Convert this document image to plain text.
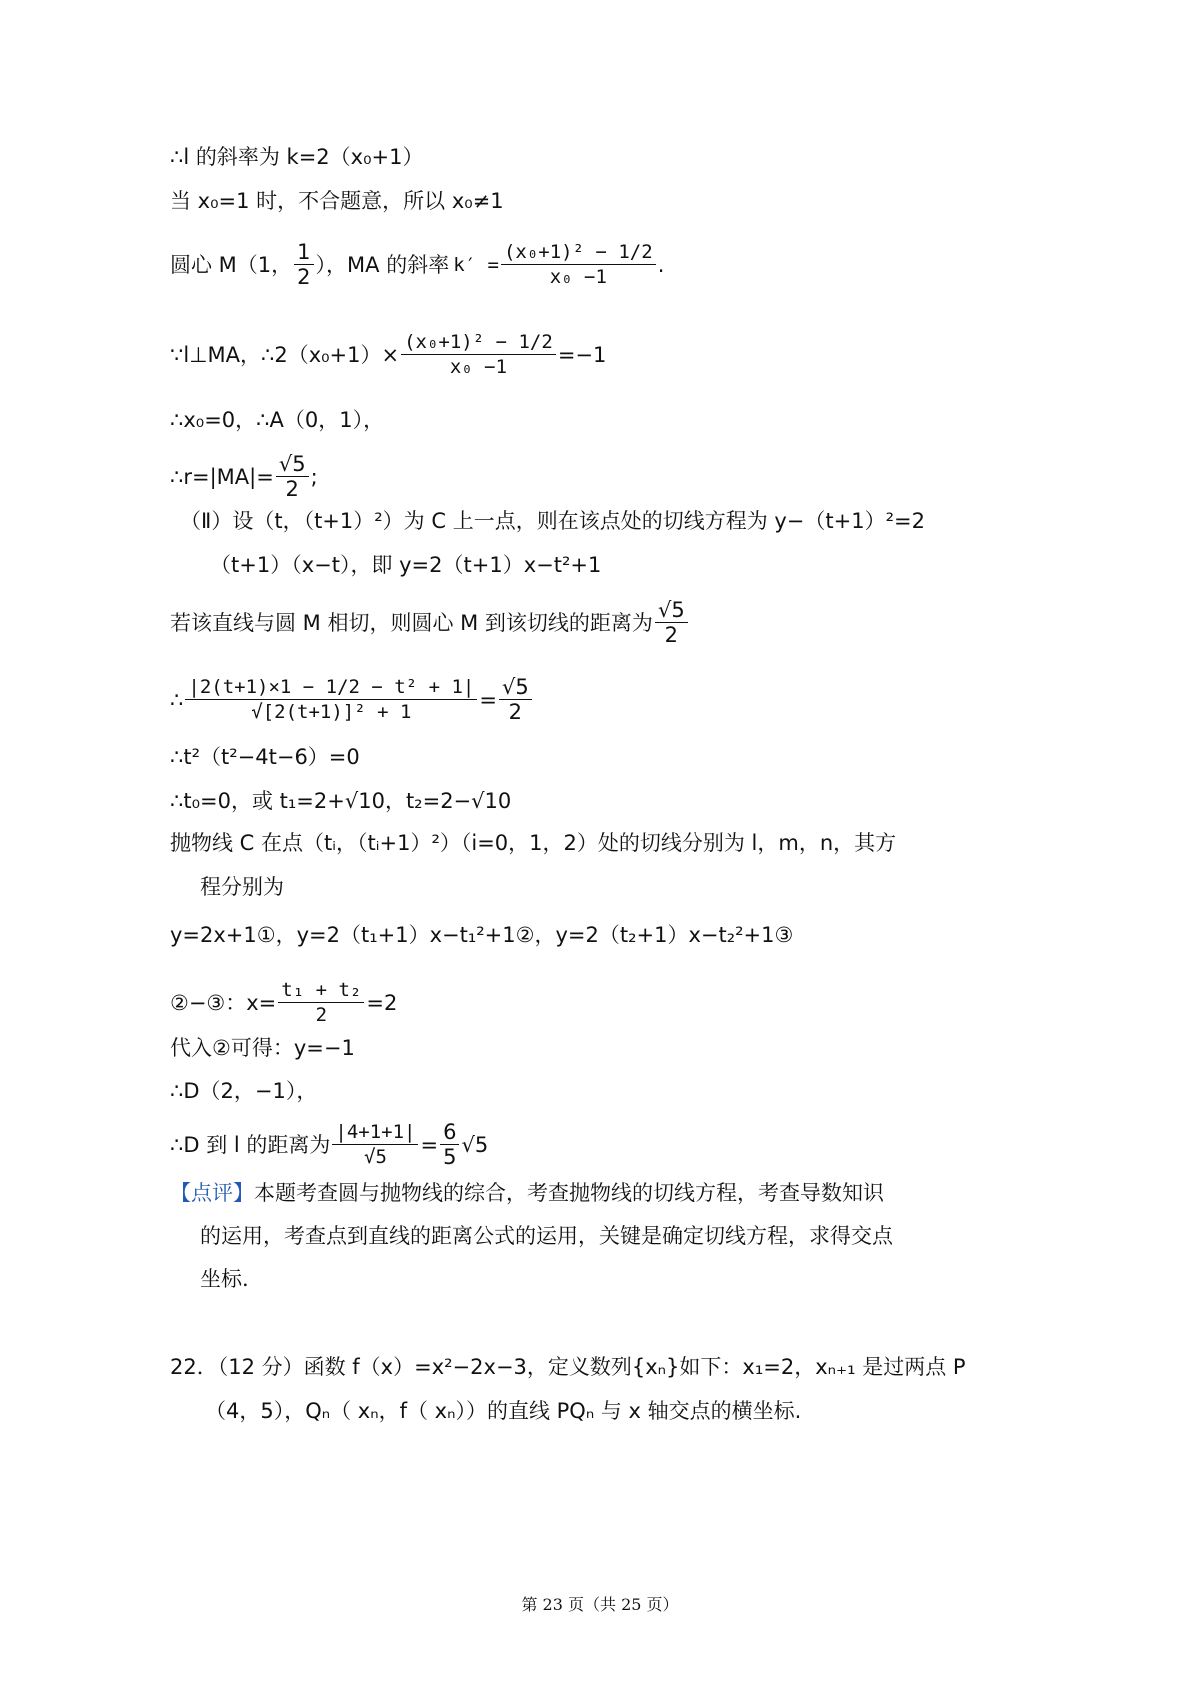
∴l 的斜率为 k=2（x₀+1）

当 x₀=1 时，不合题意，所以 x₀≠1

圆心 M（1， $\frac{1}{2}$ ），MA 的斜率 $k' = \frac{\text{(x₀+1)² − 1/2}}{\text{x₀ −1}}$ .
∵l⊥MA，∴2（x₀+1）× $\frac{\text{(x₀+1)² − 1/2}}{\text{x₀ −1}} =-1$

∴x₀=0，∴A（0，1），

∴r=|MA|= $\frac{√5}{2}$ ;

（Ⅱ）设（t，（t+1）²）为 C 上一点，则在该点处的切线方程为 y−（t+1）²=2

（t+1）（x−t），即 y=2（t+1）x−t²+1

若该直线与圆 M 相切，则圆心 M 到该切线的距离为 $\frac{√5}{2}$
∴ $\frac{\text{|2(t+1)×1 − 1/2 − t² + 1|}}{\text{√[2(t+1)]² + 1}} = \frac{√5}{2}$

∴t²（t²−4t−6）=0

∴t₀=0，或 t₁=2+√10，t₂=2−√10

抛物线 C 在点（tᵢ，（tᵢ+1）²）（i=0，1，2）处的切线分别为 l，m，n，其方

程分别为

y=2x+1①，y=2（t₁+1）x−t₁²+1②，y=2（t₂+1）x−t₂²+1③

②−③：$x= \frac{\text{t₁ + t₂}}{2} =2$

代入②可得：y=−1

∴D（2，−1），

∴D 到 l 的距离为 $\frac{|4+1+1|}{√5} = \frac{6}{5} √5$
【点评】 本题考查圆与抛物线的综合，考查抛物线的切线方程，考查导数知识

的运用，考查点到直线的距离公式的运用，关键是确定切线方程，求得交点

坐标.

22．（12 分）函数 f（x）=x²−2x−3，定义数列{xₙ}如下：x₁=2，xₙ₊₁ 是过两点 P

（4，5），Qₙ（ xₙ，f（ xₙ））的直线 PQₙ 与 x 轴交点的横坐标.

第 23 页（共 25 页）
